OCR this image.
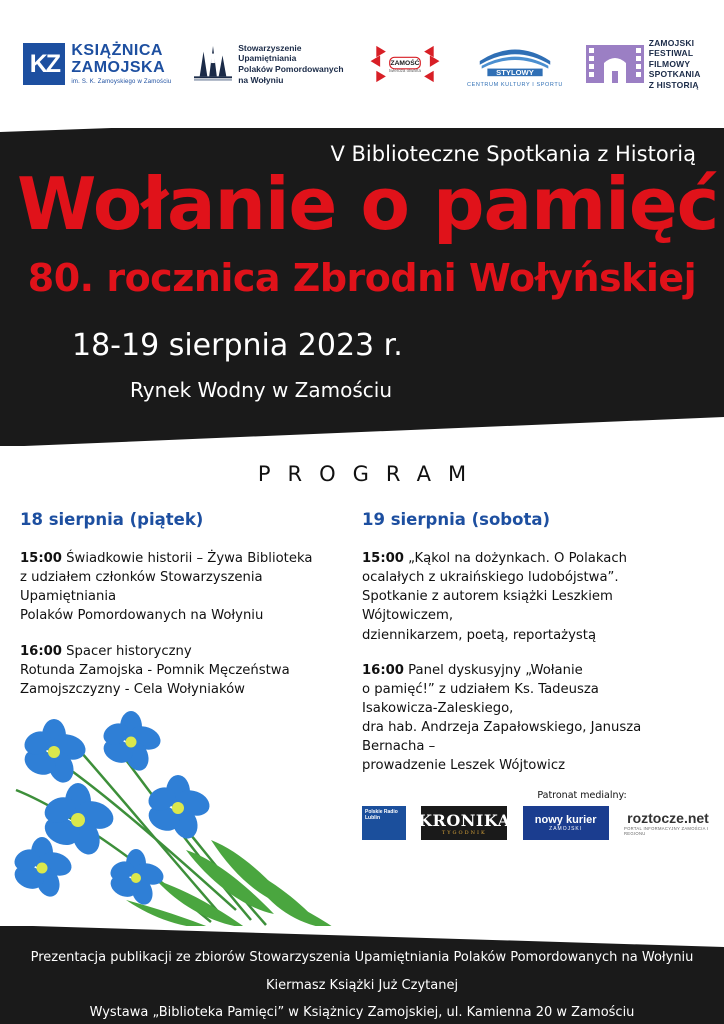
KZ KSIĄŻNICA
ZAMOJSKA
im. S. K. Zamoyskiego w Zamościu
Stowarzyszenie
Upamiętniania
Polaków Pomordowanych
na Wołyniu
ZAMOŚĆ
twierdza otwarta	STYLOWY
CENTRUM KULTURY I SPORTU
ZAMOJSKI
FESTIWAL
FILMOWY
SPOTKANIA
Z HISTORIĄ
V Biblioteczne Spotkania z Historią
Wołanie o pamięć
80. rocznica Zbrodni Wołyńskiej
18-19 sierpnia 2023 r.
Rynek Wodny w Zamościu
PROGRAM
18 sierpnia (piątek)

15:00 Świadkowie historii – Żywa Biblioteka

z udziałem członków Stowarzyszenia Upamiętniania

Polaków Pomordowanych na Wołyniu

16:00 Spacer historyczny

Rotunda Zamojska - Pomnik Męczeństwa

Zamojszczyzny - Cela Wołyniaków

19 sierpnia (sobota)

15:00 „Kąkol na dożynkach. O Polakach

ocalałych z ukraińskiego ludobójstwa”.

Spotkanie z autorem książki Leszkiem Wójtowiczem,

dziennikarzem, poetą, reportażystą

16:00 Panel dyskusyjny „Wołanie

o pamięć!” z udziałem Ks. Tadeusza Isakowicza-Zaleskiego,

dra hab. Andrzeja Zapałowskiego, Janusza Bernacha –

prowadzenie Leszek Wójtowicz

Patronat medialny:
Polskie Radio Lublin	KRONIKA
TYGODNIK
nowy kurier
ZAMOJSKI
roztocze.net
PORTAL INFORMACYJNY ZAMOŚCIA I REGIONU

Prezentacja publikacji ze zbiorów Stowarzyszenia Upamiętniania Polaków Pomordowanych na Wołyniu

Kiermasz Książki Już Czytanej

Wystawa „Biblioteka Pamięci” w Książnicy Zamojskiej, ul. Kamienna 20 w Zamościu
